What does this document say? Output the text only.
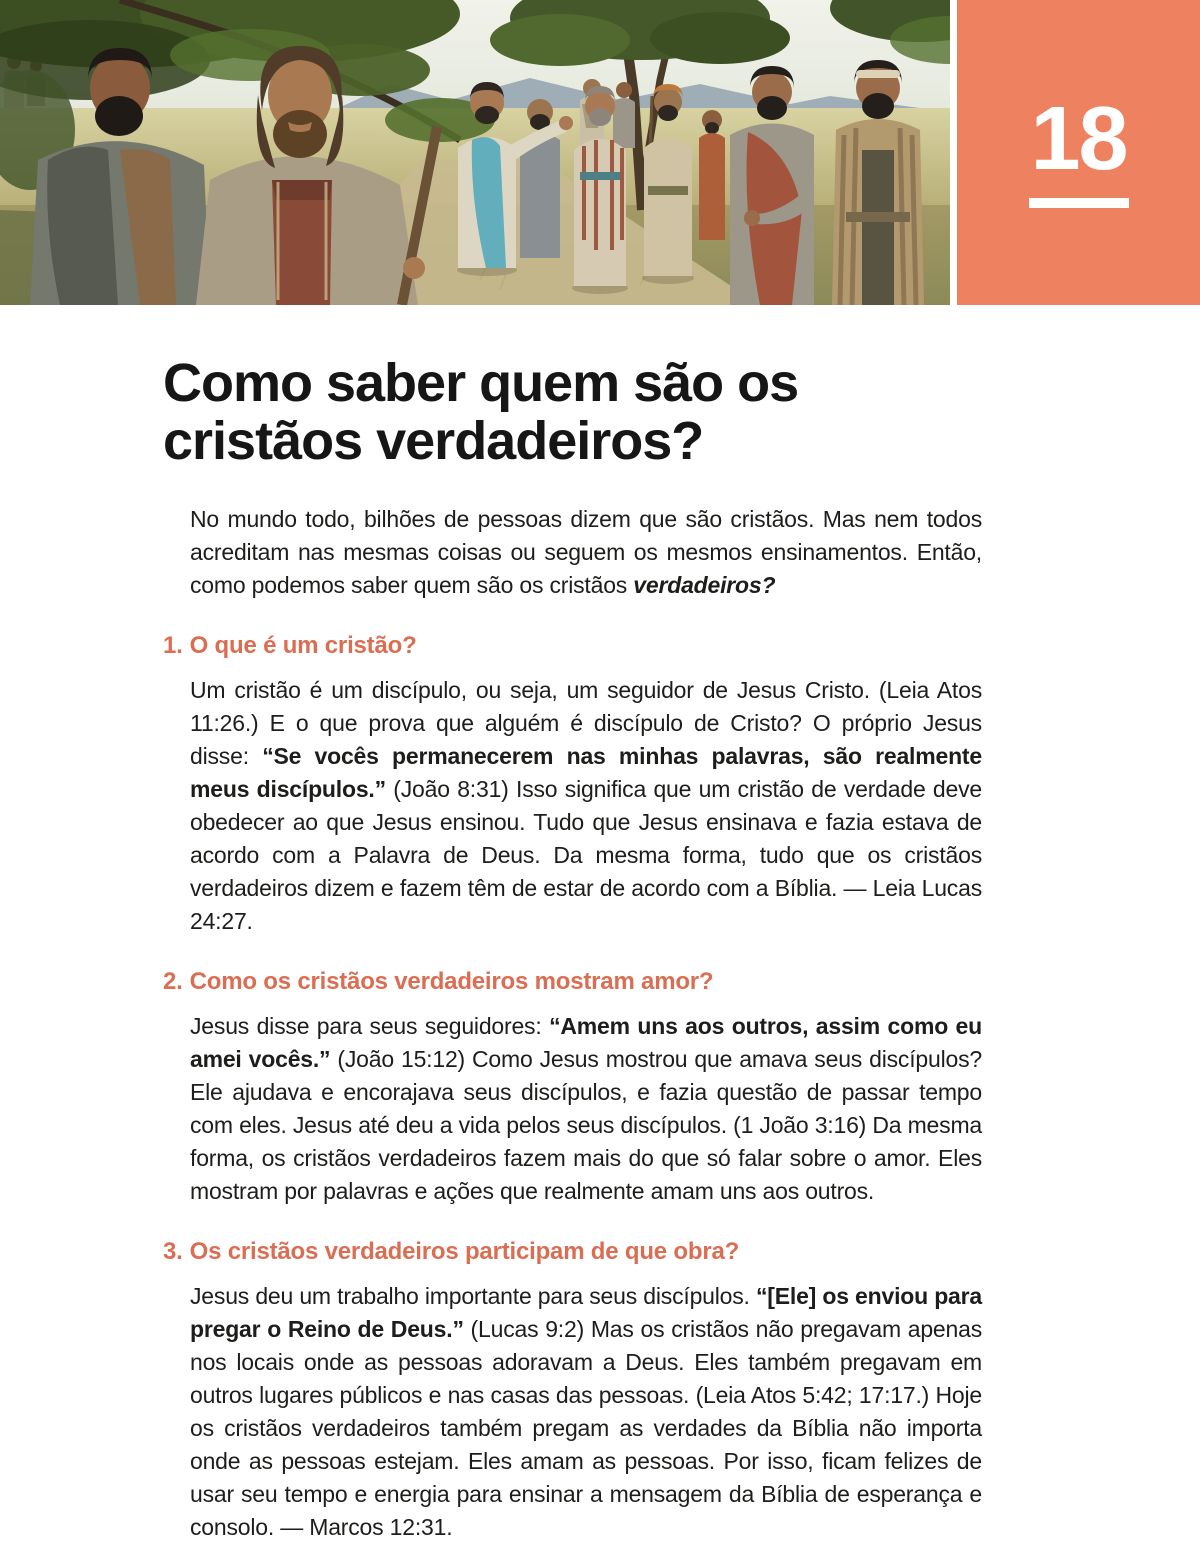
18
Como saber quem são os cristãos verdadeiros?

No mundo todo, bilhões de pessoas dizem que são cristãos. Mas nem todos acreditam nas mesmas coisas ou seguem os mesmos ensinamentos. Então, como podemos saber quem são os cristãos verdadeiros?

1. O que é um cristão?

Um cristão é um discípulo, ou seja, um seguidor de Jesus Cristo. (Leia Atos 11:26.) E o que prova que alguém é discípulo de Cristo? O próprio Jesus disse: “Se vocês permanecerem nas minhas palavras, são realmente meus discípulos.” (João 8:31) Isso significa que um cristão de verdade deve obedecer ao que Jesus ensinou. Tudo que Jesus ensinava e fazia estava de acordo com a Palavra de Deus. Da mesma forma, tudo que os cristãos verdadeiros dizem e fazem têm de estar de acordo com a Bíblia. — Leia Lucas 24:27.

2. Como os cristãos verdadeiros mostram amor?

Jesus disse para seus seguidores: “Amem uns aos outros, assim como eu amei vocês.” (João 15:12) Como Jesus mostrou que amava seus discípulos? Ele ajudava e encorajava seus discípulos, e fazia questão de passar tempo com eles. Jesus até deu a vida pelos seus discípulos. (1 João 3:16) Da mesma forma, os cristãos verdadeiros fazem mais do que só falar sobre o amor. Eles mostram por palavras e ações que realmente amam uns aos outros.

3. Os cristãos verdadeiros participam de que obra?

Jesus deu um trabalho importante para seus discípulos. “[Ele] os enviou para pregar o Reino de Deus.” (Lucas 9:2) Mas os cristãos não pregavam apenas nos locais onde as pessoas adoravam a Deus. Eles também pregavam em outros lugares públicos e nas casas das pessoas. (Leia Atos 5:42; 17:17.) Hoje os cristãos verdadeiros também pregam as verdades da Bíblia não importa onde as pessoas estejam. Eles amam as pessoas. Por isso, ficam felizes de usar seu tempo e energia para ensinar a mensagem da Bíblia de esperança e consolo. — Marcos 12:31.
